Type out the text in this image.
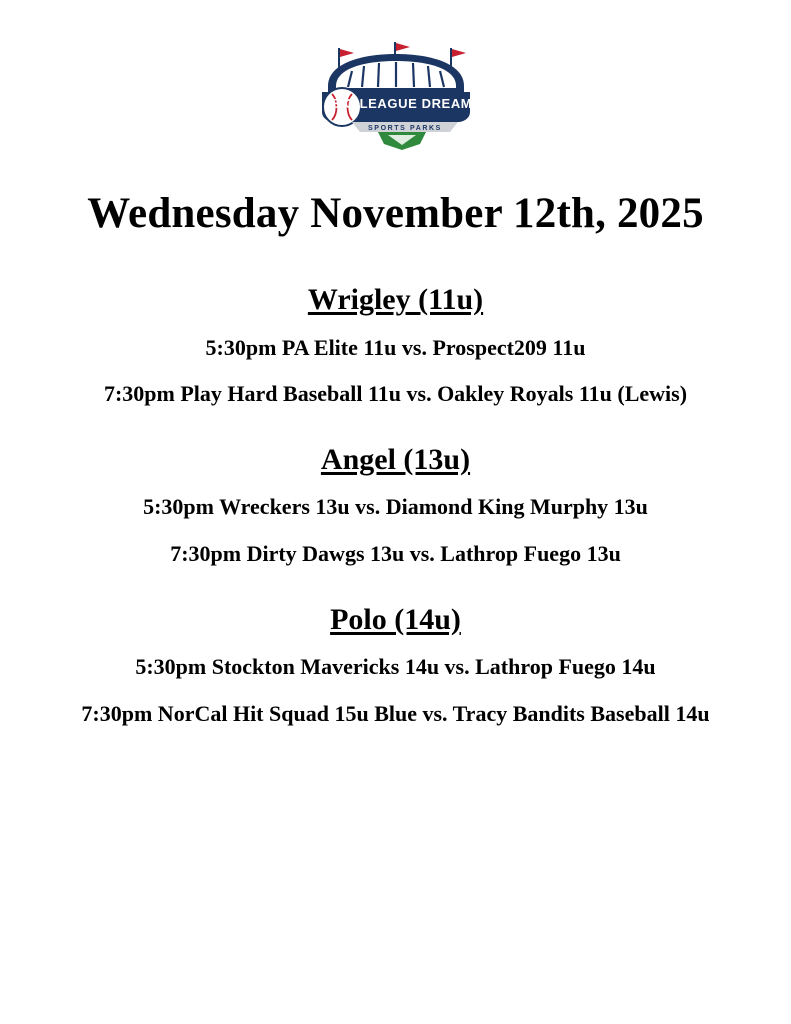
BIG LEAGUE DREAMS
SPORTS PARKS
Wednesday November 12th, 2025
Wrigley (11u)

5:30pm PA Elite 11u vs. Prospect209 11u

7:30pm Play Hard Baseball 11u vs. Oakley Royals 11u (Lewis)

Angel (13u)

5:30pm Wreckers 13u vs. Diamond King Murphy 13u

7:30pm Dirty Dawgs 13u vs. Lathrop Fuego 13u

Polo (14u)

5:30pm Stockton Mavericks 14u vs. Lathrop Fuego 14u

7:30pm NorCal Hit Squad 15u Blue vs. Tracy Bandits Baseball 14u
